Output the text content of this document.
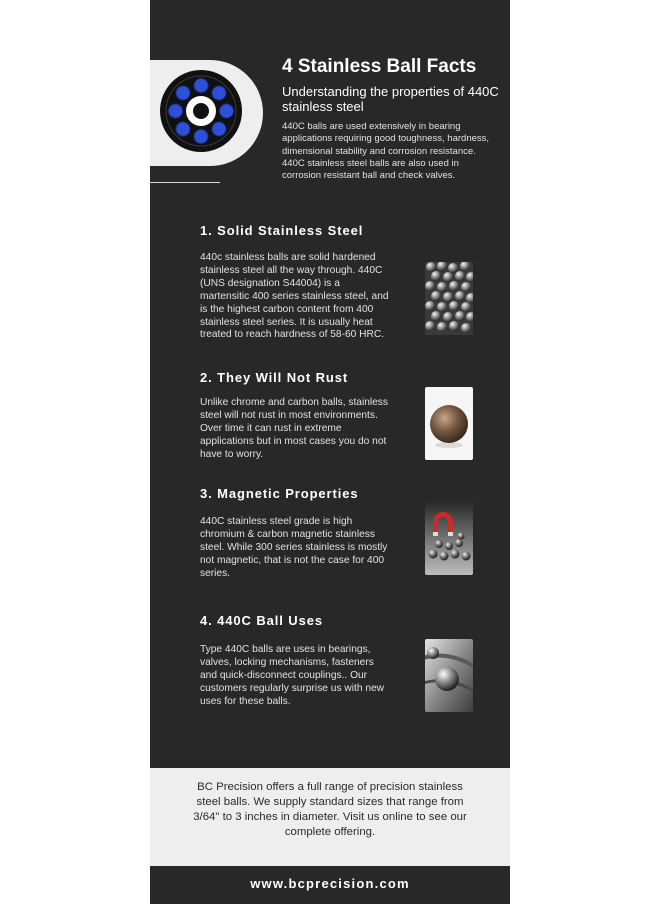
4 Stainless Ball Facts
Understanding the properties of 440C stainless steel
440C balls are used extensively in bearing applications requiring good toughness, hardness, dimensional stability and corrosion resistance. 440C stainless steel balls are also used in corrosion resistant ball and check valves.
1. Solid Stainless Steel
440c stainless balls are solid hardened stainless steel all the way through. 440C (UNS designation S44004) is a martensitic 400 series stainless steel, and is the highest carbon content from 400 stainless steel series. It is usually heat treated to reach hardness of 58-60 HRC.
2. They Will Not Rust
Unlike chrome and carbon balls, stainless steel will not rust in most environments. Over time it can rust in extreme applications but in most cases you do not have to worry.
3. Magnetic Properties
440C stainless steel grade is high chromium & carbon magnetic stainless steel. While 300 series stainless is mostly not magnetic, that is not the case for 400 series.
4. 440C Ball Uses
Type 440C balls are uses in bearings, valves, locking mechanisms, fasteners and quick-disconnect couplings.. Our customers regularly surprise us with new uses for these balls.
BC Precision offers a full range of precision stainless steel balls. We supply standard sizes that range from 3/64" to 3 inches in diameter. Visit us online to see our complete offering.
www.bcprecision.com
